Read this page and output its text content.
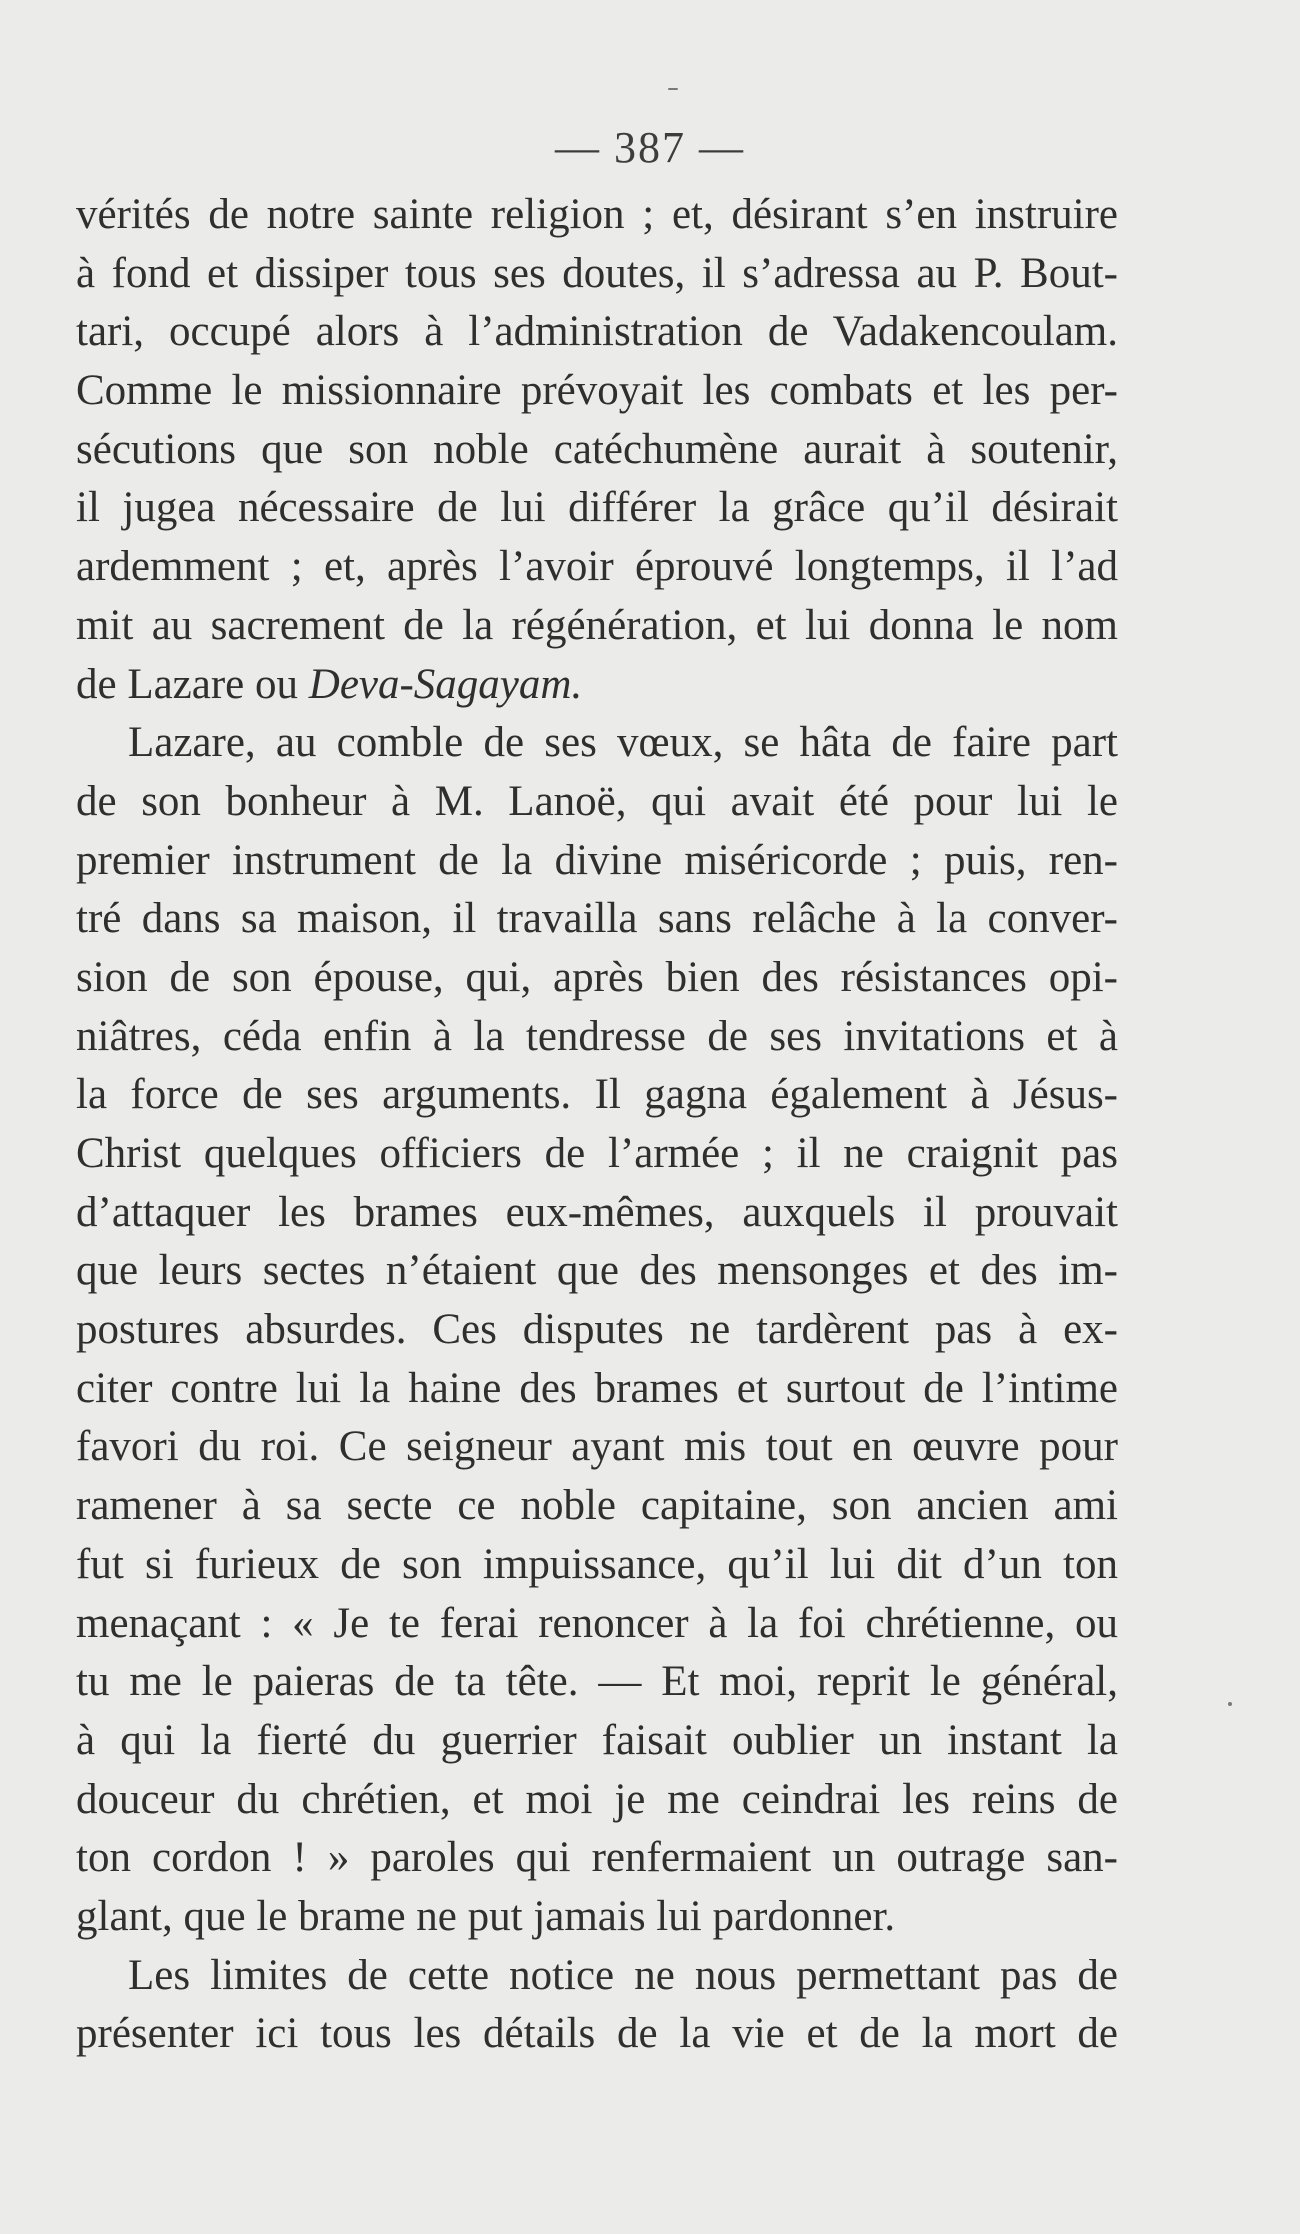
— 387 —
vérités de notre sainte religion ; et, désirant s’en instruire
à fond et dissiper tous ses doutes, il s’adressa au P. Bout-
tari, occupé alors à l’administration de Vadakencoulam.
Comme le missionnaire prévoyait les combats et les per-
sécutions que son noble catéchumène aurait à soutenir,
il jugea nécessaire de lui différer la grâce qu’il désirait
ardemment ; et, après l’avoir éprouvé longtemps, il l’ad
mit au sacrement de la régénération, et lui donna le nom
de Lazare ou Deva-Sagayam.
Lazare, au comble de ses vœux, se hâta de faire part
de son bonheur à M. Lanoë, qui avait été pour lui le
premier instrument de la divine miséricorde ; puis, ren-
tré dans sa maison, il travailla sans relâche à la conver-
sion de son épouse, qui, après bien des résistances opi-
niâtres, céda enfin à la tendresse de ses invitations et à
la force de ses arguments. Il gagna également à Jésus-
Christ quelques officiers de l’armée ; il ne craignit pas
d’attaquer les brames eux-mêmes, auxquels il prouvait
que leurs sectes n’étaient que des mensonges et des im-
postures absurdes. Ces disputes ne tardèrent pas à ex-
citer contre lui la haine des brames et surtout de l’intime
favori du roi. Ce seigneur ayant mis tout en œuvre pour
ramener à sa secte ce noble capitaine, son ancien ami
fut si furieux de son impuissance, qu’il lui dit d’un ton
menaçant : « Je te ferai renoncer à la foi chrétienne, ou
tu me le paieras de ta tête. — Et moi, reprit le général,
à qui la fierté du guerrier faisait oublier un instant la
douceur du chrétien, et moi je me ceindrai les reins de
ton cordon ! » paroles qui renfermaient un outrage san-
glant, que le brame ne put jamais lui pardonner.
Les limites de cette notice ne nous permettant pas de
présenter ici tous les détails de la vie et de la mort de
